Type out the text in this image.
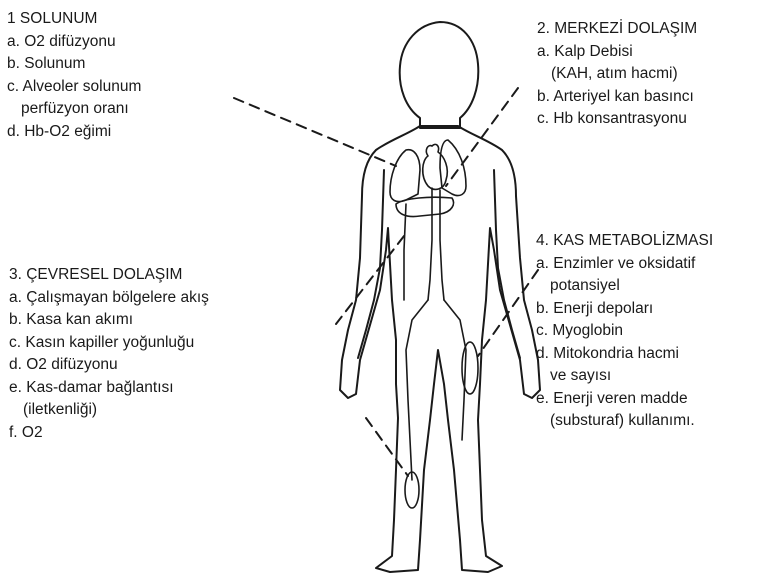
1 SOLUNUM
a. O2 difüzyonu
b. Solunum
c. Alveoler solunum
perfüzyon oranı
d. Hb-O2 eğimi
2. MERKEZİ DOLAŞIM
a. Kalp Debisi
(KAH, atım hacmi)
b. Arteriyel kan basıncı
c. Hb konsantrasyonu
3. ÇEVRESEL DOLAŞIM
a. Çalışmayan bölgelere akış
b. Kasa kan akımı
c. Kasın kapiller yoğunluğu
d. O2 difüzyonu
e. Kas-damar bağlantısı
(iletkenliği)
f. O2
4. KAS METABOLİZMASI
a. Enzimler ve oksidatif
potansiyel
b. Enerji depoları
c. Myoglobin
d. Mitokondria hacmi
ve sayısı
e. Enerji veren madde
(substuraf) kullanımı.
